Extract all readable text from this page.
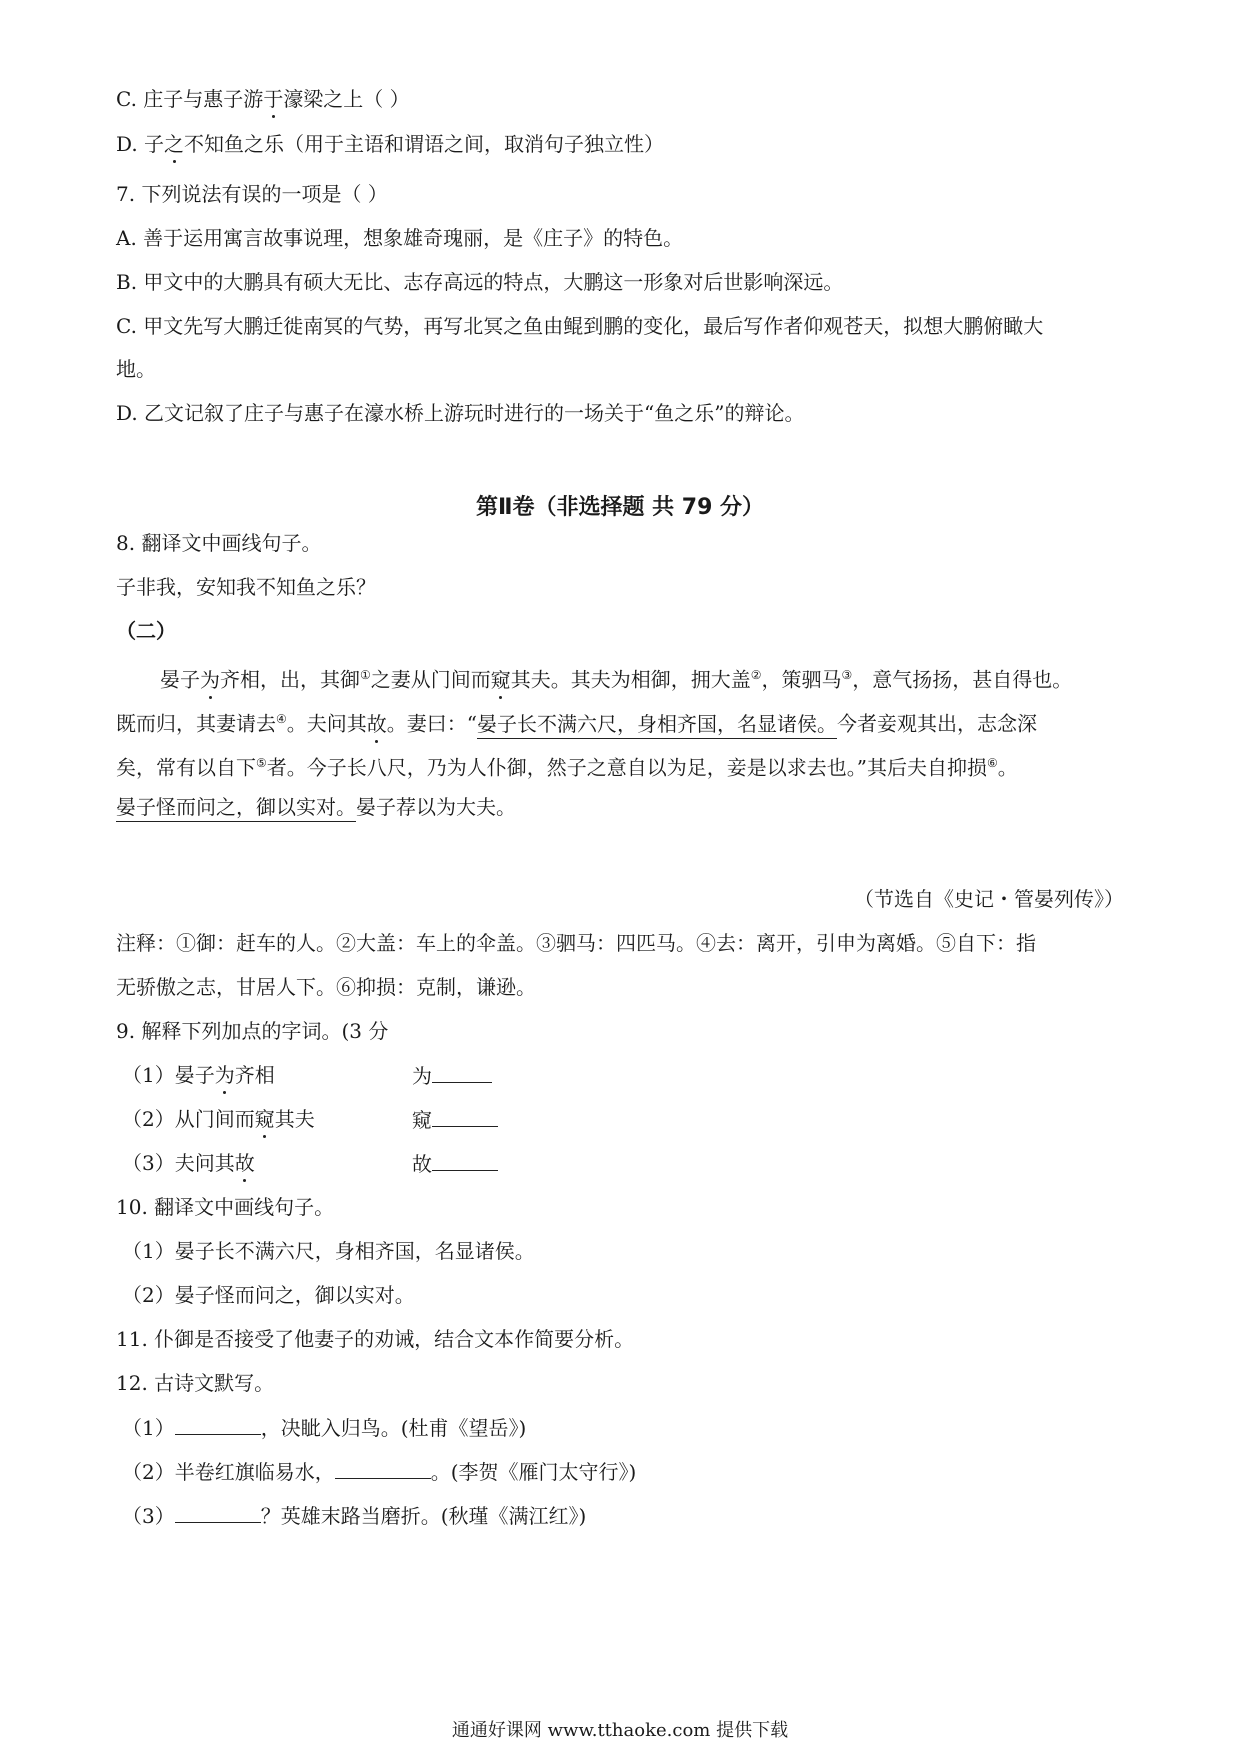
C. 庄子与惠子游于濠梁之上（ ）
D. 子之不知鱼之乐（用于主语和谓语之间，取消句子独立性）
7. 下列说法有误的一项是（ ）
A. 善于运用寓言故事说理，想象雄奇瑰丽，是《庄子》的特色。
B. 甲文中的大鹏具有硕大无比、志存高远的特点，大鹏这一形象对后世影响深远。
C. 甲文先写大鹏迁徙南冥的气势，再写北冥之鱼由鲲到鹏的变化，最后写作者仰观苍天，拟想大鹏俯瞰大
地。
D. 乙文记叙了庄子与惠子在濠水桥上游玩时进行的一场关于“鱼之乐”的辩论。
第Ⅱ卷（非选择题 共 79 分）
8. 翻译文中画线句子。
子非我，安知我不知鱼之乐？
（二）
晏子为齐相，出，其御①之妻从门间而窥其夫。其夫为相御，拥大盖②，策驷马③，意气扬扬，甚自得也。
既而归，其妻请去④。夫问其故。妻曰：“晏子长不满六尺，身相齐国，名显诸侯。今者妾观其出，志念深
矣，常有以自下⑤者。今子长八尺，乃为人仆御，然子之意自以为足，妾是以求去也。”其后夫自抑损⑥。
晏子怪而问之，御以实对。晏子荐以为大夫。
（节选自《史记・管晏列传》）
注释：①御：赶车的人。②大盖：车上的伞盖。③驷马：四匹马。④去：离开，引申为离婚。⑤自下：指
无骄傲之志，甘居人下。⑥抑损：克制，谦逊。
9. 解释下列加点的字词。(3 分
（1）晏子为齐相	为
（2）从门间而窥其夫	窥
（3）夫问其故	故
10. 翻译文中画线句子。
（1）晏子长不满六尺，身相齐国，名显诸侯。
（2）晏子怪而问之，御以实对。
11. 仆御是否接受了他妻子的劝诫，结合文本作简要分析。
12. 古诗文默写。
（1）	，决眦入归鸟。(杜甫《望岳》)
（2）半卷红旗临易水，	。(李贺《雁门太守行》)
（3）	？英雄末路当磨折。(秋瑾《满江红》)
通通好课网 www.tthaoke.com 提供下载
